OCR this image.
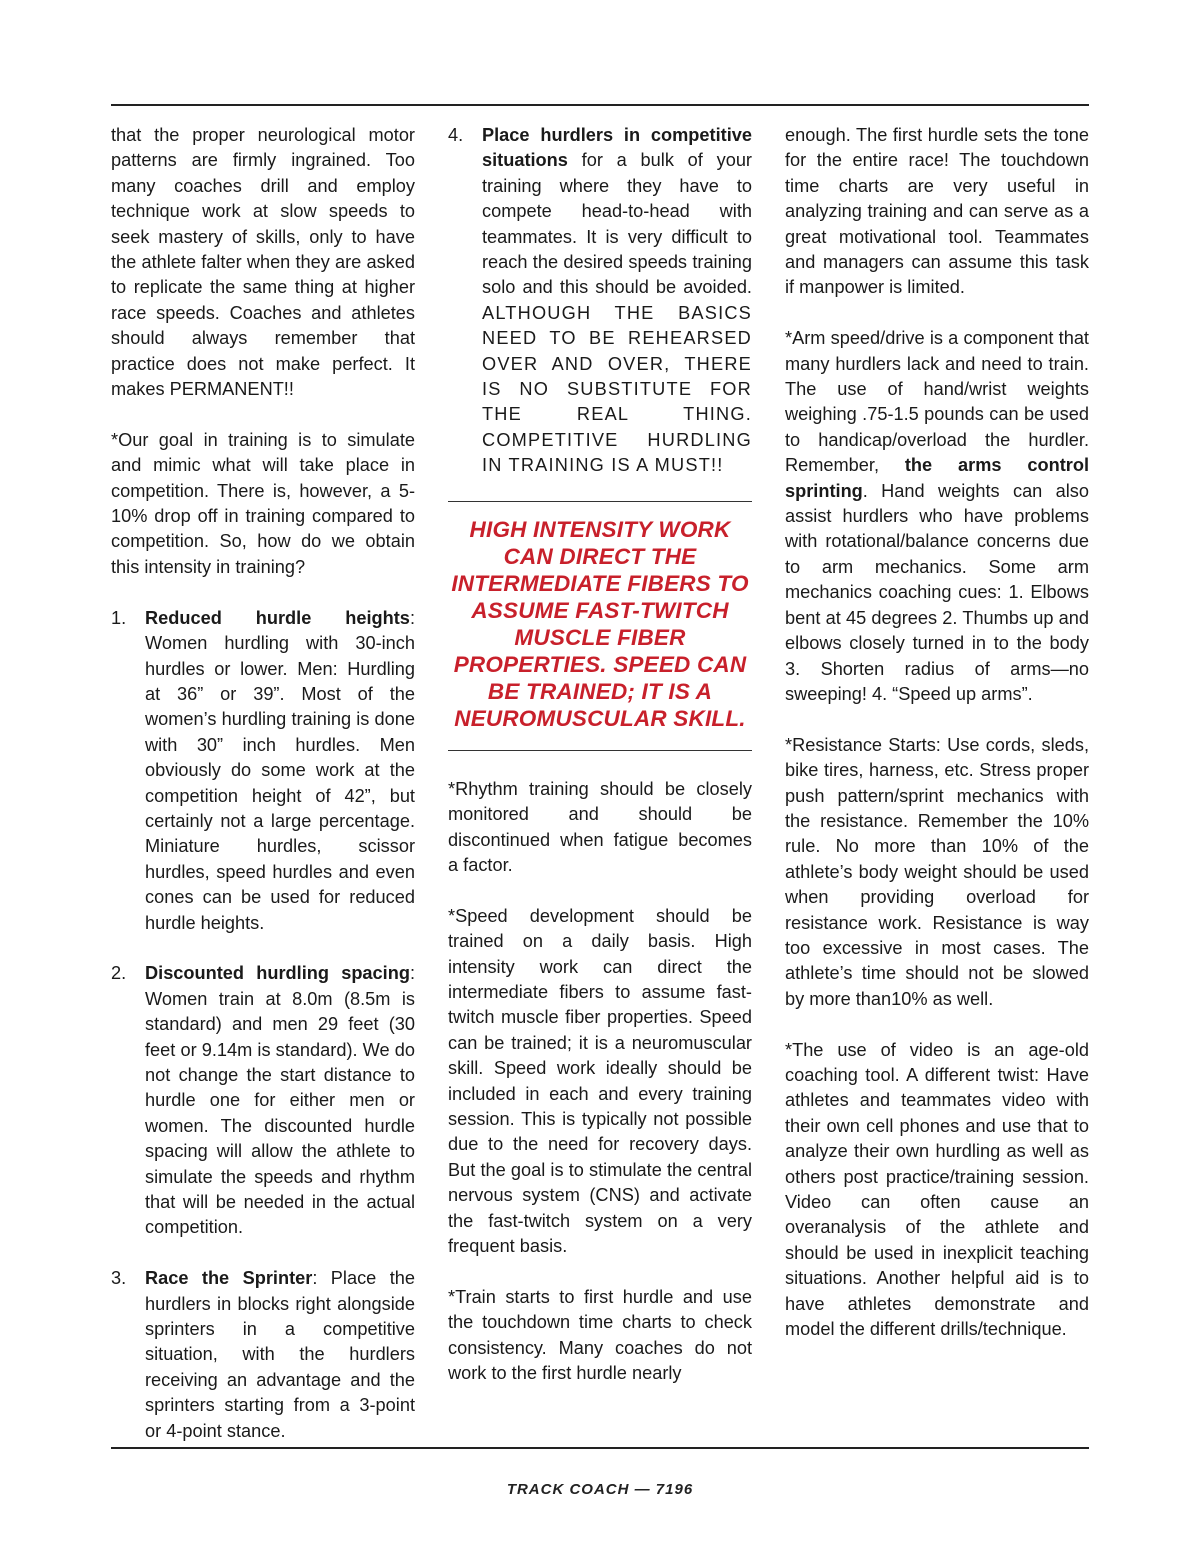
that the proper neurological motor patterns are firmly ingrained. Too many coaches drill and employ technique work at slow speeds to seek mastery of skills, only to have the athlete falter when they are asked to replicate the same thing at higher race speeds. Coaches and athletes should always remember that practice does not make perfect. It makes PERMANENT!!

*Our goal in training is to simulate and mimic what will take place in competition. There is, however, a 5-10% drop off in training compared to competition. So, how do we obtain this intensity in training?

1. Reduced hurdle heights: Women hurdling with 30-inch hurdles or lower. Men: Hurdling at 36” or 39”. Most of the women’s hurdling training is done with 30” inch hurdles. Men obviously do some work at the competition height of 42”, but certainly not a large percentage. Miniature hurdles, scissor hurdles, speed hurdles and even cones can be used for reduced hurdle heights.
2. Discounted hurdling spacing: Women train at 8.0m (8.5m is standard) and men 29 feet (30 feet or 9.14m is standard). We do not change the start distance to hurdle one for either men or women. The discounted hurdle spacing will allow the athlete to simulate the speeds and rhythm that will be needed in the actual competition.
3. Race the Sprinter: Place the hurdlers in blocks right alongside sprinters in a competitive situation, with the hurdlers receiving an advantage and the sprinters starting from a 3-point or 4-point stance.
4. Place hurdlers in competitive situations for a bulk of your training where they have to compete head-to-head with teammates. It is very difficult to reach the desired speeds training solo and this should be avoided. ALTHOUGH THE BASICS NEED TO BE REHEARSED OVER AND OVER, THERE IS NO SUBSTITUTE FOR THE REAL THING. COMPETITIVE HURDLING IN TRAINING IS A MUST!!
HIGH INTENSITY WORK CAN DIRECT THE INTERMEDIATE FIBERS TO ASSUME FAST-TWITCH MUSCLE FIBER PROPERTIES. SPEED CAN BE TRAINED; IT IS A NEUROMUSCULAR SKILL.

*Rhythm training should be closely monitored and should be discontinued when fatigue becomes a factor.

*Speed development should be trained on a daily basis. High intensity work can direct the intermediate fibers to assume fast-twitch muscle fiber properties. Speed can be trained; it is a neuromuscular skill. Speed work ideally should be included in each and every training session. This is typically not possible due to the need for recovery days. But the goal is to stimulate the central nervous system (CNS) and activate the fast-twitch system on a very frequent basis.

*Train starts to first hurdle and use the touchdown time charts to check consistency. Many coaches do not work to the first hurdle nearly

enough. The first hurdle sets the tone for the entire race! The touchdown time charts are very useful in analyzing training and can serve as a great motivational tool. Teammates and managers can assume this task if manpower is limited.

*Arm speed/drive is a component that many hurdlers lack and need to train. The use of hand/wrist weights weighing .75-1.5 pounds can be used to handicap/overload the hurdler. Remember, the arms control sprinting. Hand weights can also assist hurdlers who have problems with rotational/balance concerns due to arm mechanics. Some arm mechanics coaching cues: 1. Elbows bent at 45 degrees 2. Thumbs up and elbows closely turned in to the body 3. Shorten radius of arms—no sweeping! 4. “Speed up arms”.

*Resistance Starts: Use cords, sleds, bike tires, harness, etc. Stress proper push pattern/sprint mechanics with the resistance. Remember the 10% rule. No more than 10% of the athlete’s body weight should be used when providing overload for resistance work. Resistance is way too excessive in most cases. The athlete’s time should not be slowed by more than10% as well.

*The use of video is an age-old coaching tool. A different twist: Have athletes and teammates video with their own cell phones and use that to analyze their own hurdling as well as others post practice/training session. Video can often cause an overanalysis of the athlete and should be used in inexplicit teaching situations. Another helpful aid is to have athletes demonstrate and model the different drills/technique.

TRACK COACH — 7196
